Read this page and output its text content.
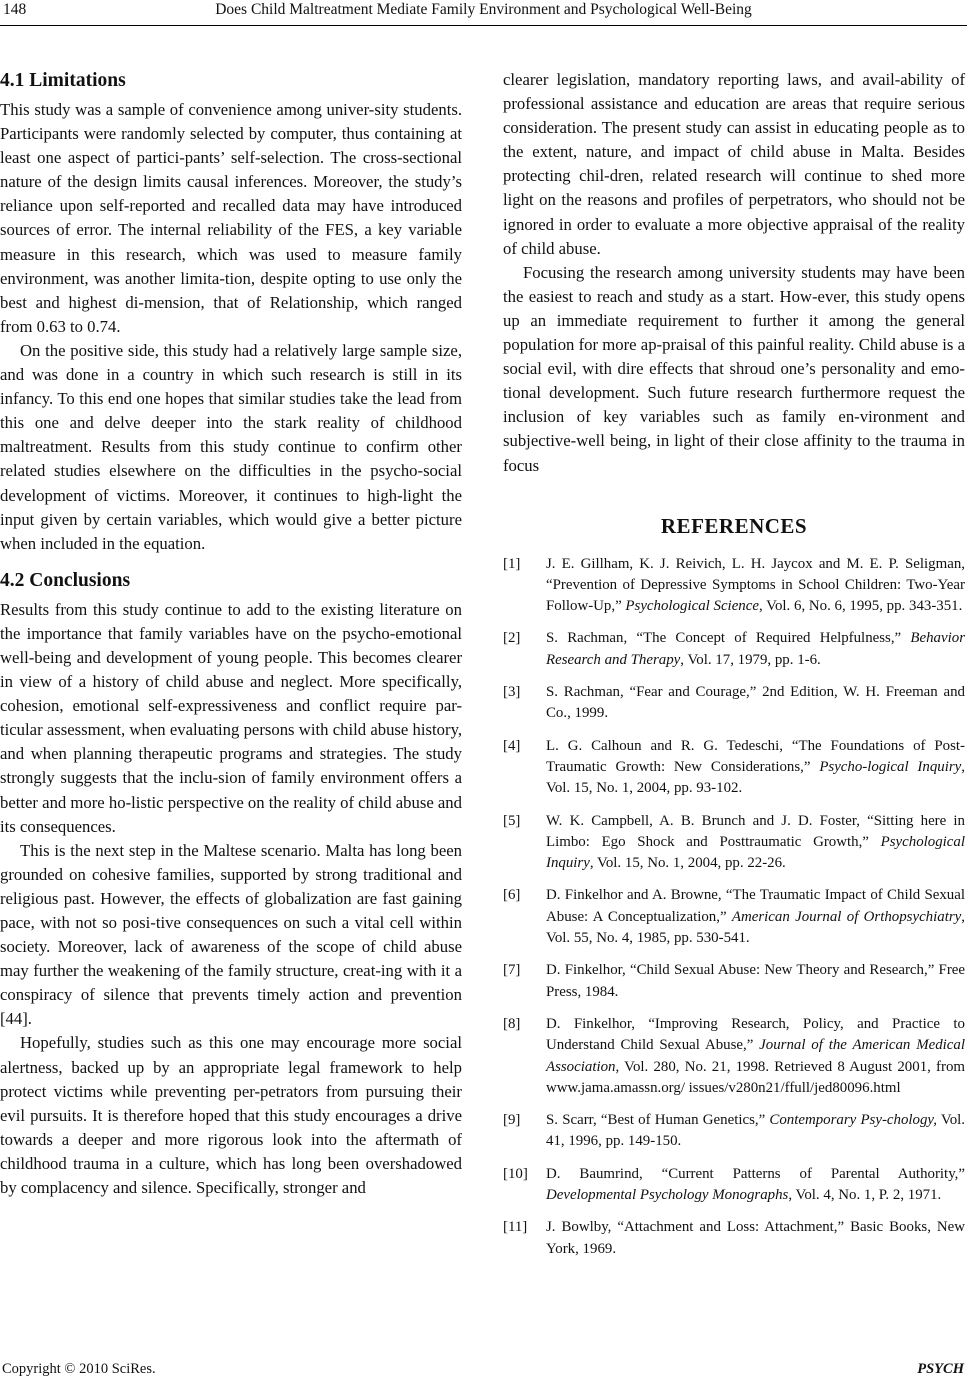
148	Does Child Maltreatment Mediate Family Environment and Psychological Well-Being
4.1 Limitations

This study was a sample of convenience among univer-sity students. Participants were randomly selected by computer, thus containing at least one aspect of partici-pants’ self-selection. The cross-sectional nature of the design limits causal inferences. Moreover, the study’s reliance upon self-reported and recalled data may have introduced sources of error. The internal reliability of the FES, a key variable measure in this research, which was used to measure family environment, was another limita-tion, despite opting to use only the best and highest di-mension, that of Relationship, which ranged from 0.63 to 0.74.

On the positive side, this study had a relatively large sample size, and was done in a country in which such research is still in its infancy. To this end one hopes that similar studies take the lead from this one and delve deeper into the stark reality of childhood maltreatment. Results from this study continue to confirm other related studies elsewhere on the difficulties in the psycho-social development of victims. Moreover, it continues to high-light the input given by certain variables, which would give a better picture when included in the equation.

4.2 Conclusions

Results from this study continue to add to the existing literature on the importance that family variables have on the psycho-emotional well-being and development of young people. This becomes clearer in view of a history of child abuse and neglect. More specifically, cohesion, emotional self-expressiveness and conflict require par-ticular assessment, when evaluating persons with child abuse history, and when planning therapeutic programs and strategies. The study strongly suggests that the inclu-sion of family environment offers a better and more ho-listic perspective on the reality of child abuse and its consequences.

This is the next step in the Maltese scenario. Malta has long been grounded on cohesive families, supported by strong traditional and religious past. However, the effects of globalization are fast gaining pace, with not so posi-tive consequences on such a vital cell within society. Moreover, lack of awareness of the scope of child abuse may further the weakening of the family structure, creat-ing with it a conspiracy of silence that prevents timely action and prevention [44].

Hopefully, studies such as this one may encourage more social alertness, backed up by an appropriate legal framework to help protect victims while preventing per-petrators from pursuing their evil pursuits. It is therefore hoped that this study encourages a drive towards a deeper and more rigorous look into the aftermath of childhood trauma in a culture, which has long been overshadowed by complacency and silence. Specifically, stronger and

clearer legislation, mandatory reporting laws, and avail-ability of professional assistance and education are areas that require serious consideration. The present study can assist in educating people as to the extent, nature, and impact of child abuse in Malta. Besides protecting chil-dren, related research will continue to shed more light on the reasons and profiles of perpetrators, who should not be ignored in order to evaluate a more objective appraisal of the reality of child abuse.

Focusing the research among university students may have been the easiest to reach and study as a start. How-ever, this study opens up an immediate requirement to further it among the general population for more ap-praisal of this painful reality. Child abuse is a social evil, with dire effects that shroud one’s personality and emo-tional development. Such future research furthermore request the inclusion of key variables such as family en-vironment and subjective-well being, in light of their close affinity to the trauma in focus

REFERENCES
[1]	J. E. Gillham, K. J. Reivich, L. H. Jaycox and M. E. P. Seligman, “Prevention of Depressive Symptoms in School Children: Two-Year Follow-Up,” Psychological Science, Vol. 6, No. 6, 1995, pp. 343-351.
[2]	S. Rachman, “The Concept of Required Helpfulness,” Behavior Research and Therapy, Vol. 17, 1979, pp. 1-6.
[3]	S. Rachman, “Fear and Courage,” 2nd Edition, W. H. Freeman and Co., 1999.
[4]	L. G. Calhoun and R. G. Tedeschi, “The Foundations of Post-Traumatic Growth: New Considerations,” Psycho-logical Inquiry, Vol. 15, No. 1, 2004, pp. 93-102.
[5]	W. K. Campbell, A. B. Brunch and J. D. Foster, “Sitting here in Limbo: Ego Shock and Posttraumatic Growth,” Psychological Inquiry, Vol. 15, No. 1, 2004, pp. 22-26.
[6]	D. Finkelhor and A. Browne, “The Traumatic Impact of Child Sexual Abuse: A Conceptualization,” American Journal of Orthopsychiatry, Vol. 55, No. 4, 1985, pp. 530-541.
[7]	D. Finkelhor, “Child Sexual Abuse: New Theory and Research,” Free Press, 1984.
[8]	D. Finkelhor, “Improving Research, Policy, and Practice to Understand Child Sexual Abuse,” Journal of the American Medical Association, Vol. 280, No. 21, 1998. Retrieved 8 August 2001, from www.jama.amassn.org/ issues/v280n21/ffull/jed80096.html
[9]	S. Scarr, “Best of Human Genetics,” Contemporary Psy-chology, Vol. 41, 1996, pp. 149-150.
[10]	D. Baumrind, “Current Patterns of Parental Authority,” Developmental Psychology Monographs, Vol. 4, No. 1, P. 2, 1971.
[11]	J. Bowlby, “Attachment and Loss: Attachment,” Basic Books, New York, 1969.
Copyright © 2010 SciRes.	PSYCH
